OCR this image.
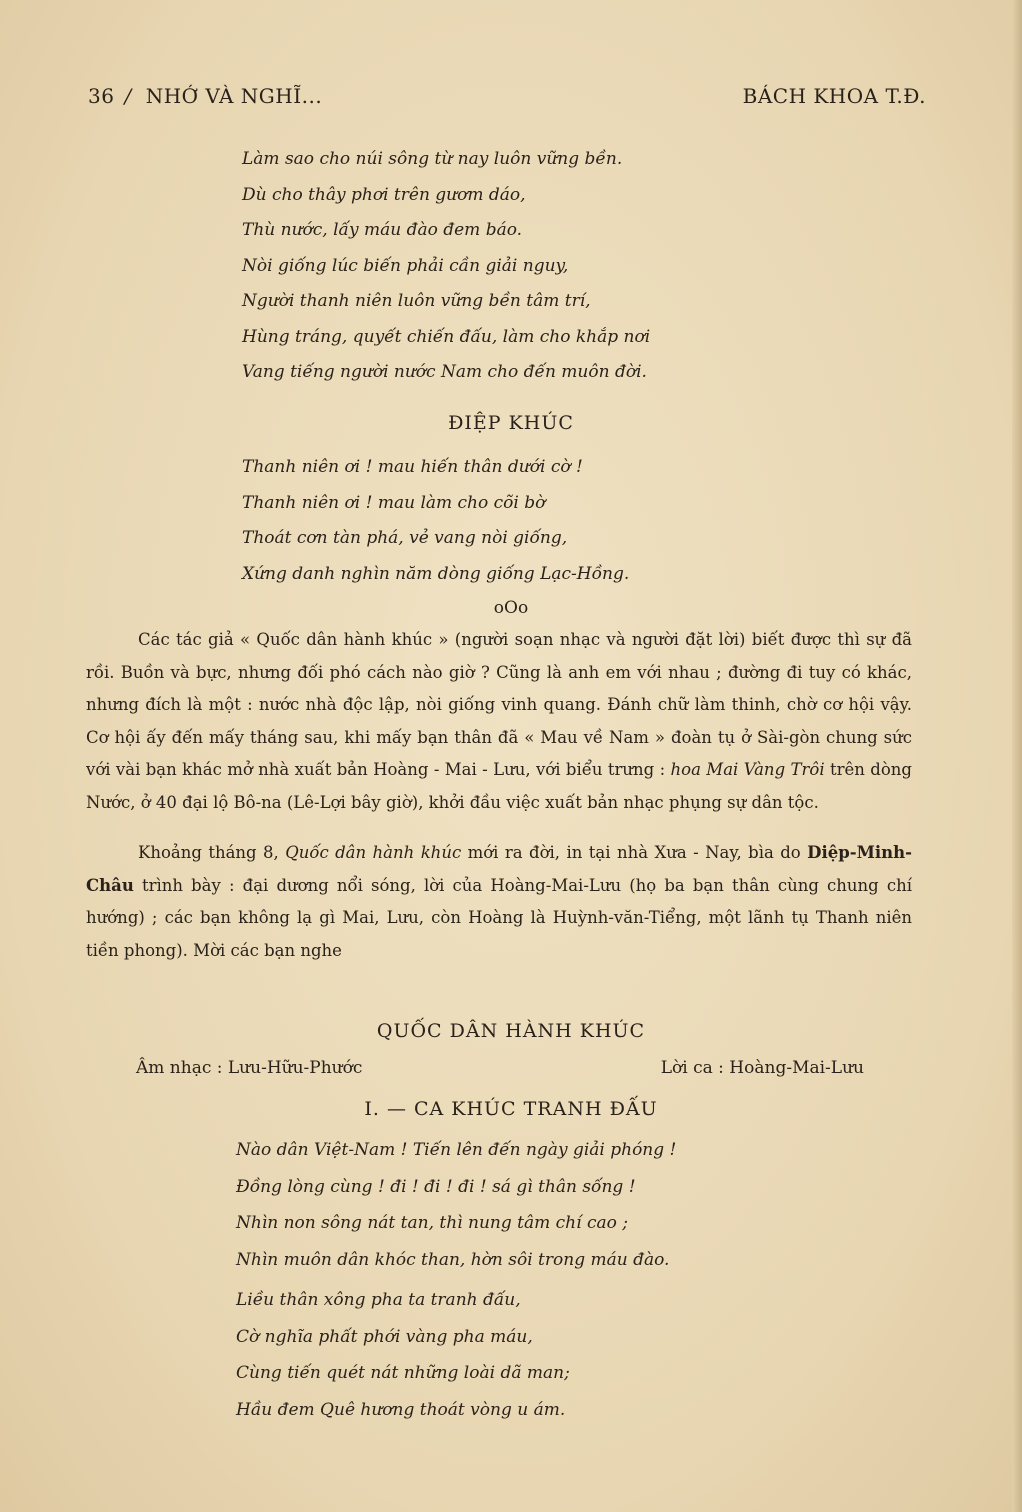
36 / NHỚ VÀ NGHĨ...	BÁCH KHOA T.Đ.
Làm sao cho núi sông từ nay luôn vững bền.
Dù cho thây phơi trên gươm dáo,
Thù nước, lấy máu đào đem báo.
Nòi giống lúc biến phải cần giải nguy,
Người thanh niên luôn vững bền tâm trí,
Hùng tráng, quyết chiến đấu, làm cho khắp nơi
Vang tiếng người nước Nam cho đến muôn đời.
ĐIỆP KHÚC
Thanh niên ơi ! mau hiến thân dưới cờ !
Thanh niên ơi ! mau làm cho cõi bờ
Thoát cơn tàn phá, vẻ vang nòi giống,
Xứng danh nghìn năm dòng giống Lạc-Hồng.
oOo

Các tác giả « Quốc dân hành khúc » (người soạn nhạc và người đặt lời) biết được thì sự đã rồi. Buồn và bực, nhưng đối phó cách nào giờ ? Cũng là anh em với nhau ; đường đi tuy có khác, nhưng đích là một : nước nhà độc lập, nòi giống vinh quang. Đánh chữ làm thinh, chờ cơ hội vậy. Cơ hội ấy đến mấy tháng sau, khi mấy bạn thân đã « Mau về Nam » đoàn tụ ở Sài-gòn chung sức với vài bạn khác mở nhà xuất bản Hoàng - Mai - Lưu, với biểu trưng : hoa Mai Vàng Trôi trên dòng Nước, ở 40 đại lộ Bô-na (Lê-Lợi bây giờ), khởi đầu việc xuất bản nhạc phụng sự dân tộc.

Khoảng tháng 8, Quốc dân hành khúc mới ra đời, in tại nhà Xưa - Nay, bìa do Diệp-Minh-Châu trình bày : đại dương nổi sóng, lời của Hoàng-Mai-Lưu (họ ba bạn thân cùng chung chí hướng) ; các bạn không lạ gì Mai, Lưu, còn Hoàng là Huỳnh-văn-Tiểng, một lãnh tụ Thanh niên tiền phong). Mời các bạn nghe

QUỐC DÂN HÀNH KHÚC
Âm nhạc : Lưu-Hữu-Phước	Lời ca : Hoàng-Mai-Lưu
I. — CA KHÚC TRANH ĐẤU
Nào dân Việt-Nam ! Tiến lên đến ngày giải phóng !
Đồng lòng cùng ! đi ! đi ! đi ! sá gì thân sống !
Nhìn non sông nát tan, thì nung tâm chí cao ;
Nhìn muôn dân khóc than, hờn sôi trong máu đào.
Liều thân xông pha ta tranh đấu,
Cờ nghĩa phất phới vàng pha máu,
Cùng tiến quét nát những loài dã man;
Hầu đem Quê hương thoát vòng u ám.
